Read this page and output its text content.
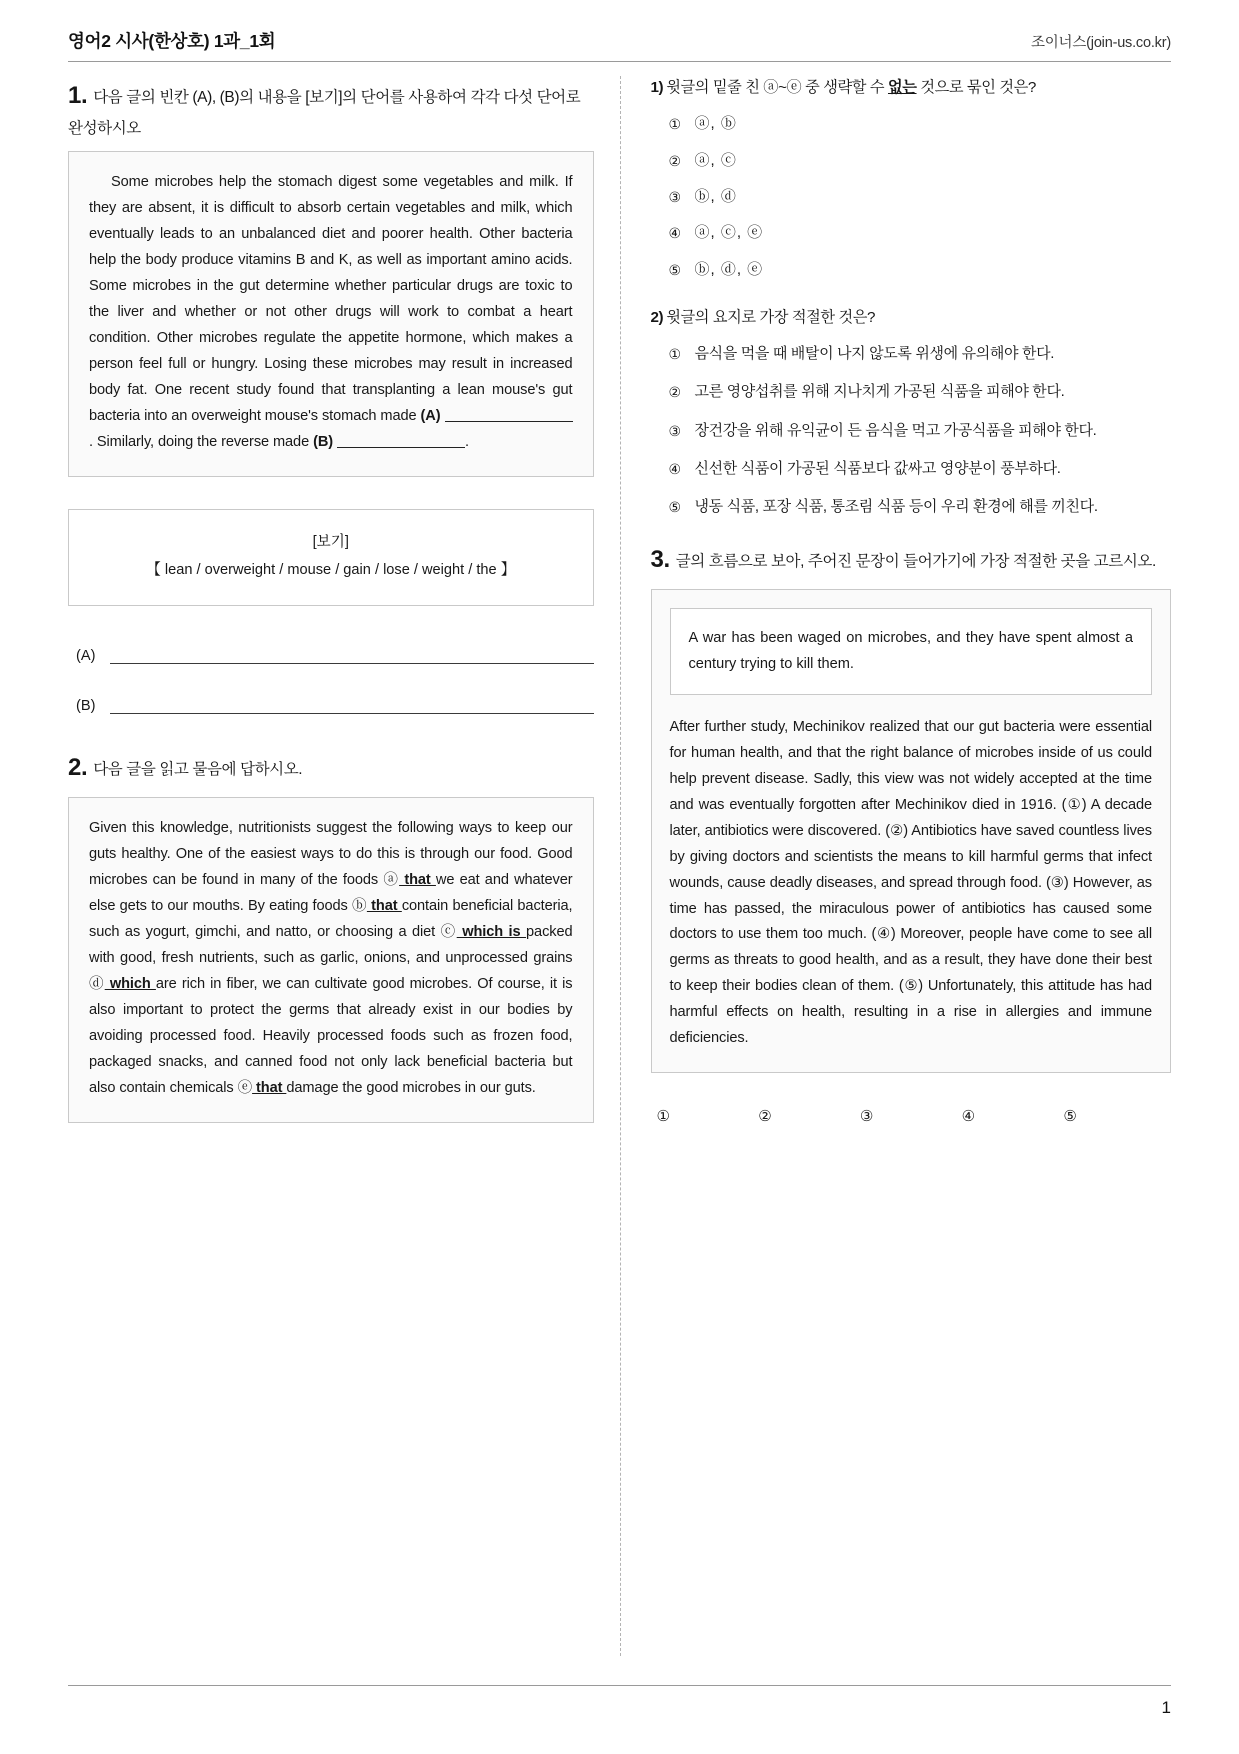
영어2 시사(한상호) 1과_1회	조이너스(join-us.co.kr)
1. 다음 글의 빈칸 (A), (B)의 내용을 [보기]의 단어를 사용하여 각각 다섯 단어로 완성하시오

Some microbes help the stomach digest some vegetables and milk. If they are absent, it is difficult to absorb certain vegetables and milk, which eventually leads to an unbalanced diet and poorer health. Other bacteria help the body produce vitamins B and K, as well as important amino acids. Some microbes in the gut determine whether particular drugs are toxic to the liver and whether or not other drugs will work to combat a heart condition. Other microbes regulate the appetite hormone, which makes a person feel full or hungry. Losing these microbes may result in increased body fat. One recent study found that transplanting a lean mouse's gut bacteria into an overweight mouse's stomach made (A) . Similarly, doing the reverse made (B)	.

[보기]
【 lean / overweight / mouse / gain / lose / weight / the 】
(A)
(B)
2. 다음 글을 읽고 물음에 답하시오.

Given this knowledge, nutritionists suggest the following ways to keep our guts healthy. One of the easiest ways to do this is through our food. Good microbes can be found in many of the foods ⓐ that we eat and whatever else gets to our mouths. By eating foods ⓑ that contain beneficial bacteria, such as yogurt, gimchi, and natto, or choosing a diet ⓒ which is packed with good, fresh nutrients, such as garlic, onions, and unprocessed grains ⓓ which are rich in fiber, we can cultivate good microbes. Of course, it is also important to protect the germs that already exist in our bodies by avoiding processed food. Heavily processed foods such as frozen food, packaged snacks, and canned food not only lack beneficial bacteria but also contain chemicals ⓔ that damage the good microbes in our guts.

1) 윗글의 밑줄 친 ⓐ~ⓔ 중 생략할 수 없는 것으로 묶인 것은?
① ⓐ, ⓑ
② ⓐ, ⓒ
③ ⓑ, ⓓ
④ ⓐ, ⓒ, ⓔ
⑤ ⓑ, ⓓ, ⓔ
2) 윗글의 요지로 가장 적절한 것은?
① 음식을 먹을 때 배탈이 나지 않도록 위생에 유의해야 한다.
② 고른 영양섭취를 위해 지나치게 가공된 식품을 피해야 한다.
③ 장건강을 위해 유익균이 든 음식을 먹고 가공식품을 피해야 한다.
④ 신선한 식품이 가공된 식품보다 값싸고 영양분이 풍부하다.
⑤ 냉동 식품, 포장 식품, 통조림 식품 등이 우리 환경에 해를 끼친다.
3. 글의 흐름으로 보아, 주어진 문장이 들어가기에 가장 적절한 곳을 고르시오.
A war has been waged on microbes, and they have spent almost a century trying to kill them.
After further study, Mechinikov realized that our gut bacteria were essential for human health, and that the right balance of microbes inside of us could help prevent disease. Sadly, this view was not widely accepted at the time and was eventually forgotten after Mechinikov died in 1916. (①) A decade later, antibiotics were discovered. (②) Antibiotics have saved countless lives by giving doctors and scientists the means to kill harmful germs that infect wounds, cause deadly diseases, and spread through food. (③) However, as time has passed, the miraculous power of antibiotics has caused some doctors to use them too much. (④) Moreover, people have come to see all germs as threats to good health, and as a result, they have done their best to keep their bodies clean of them. (⑤) Unfortunately, this attitude has had harmful effects on health, resulting in a rise in allergies and immune deficiencies.
①	②	③	④	⑤
1
